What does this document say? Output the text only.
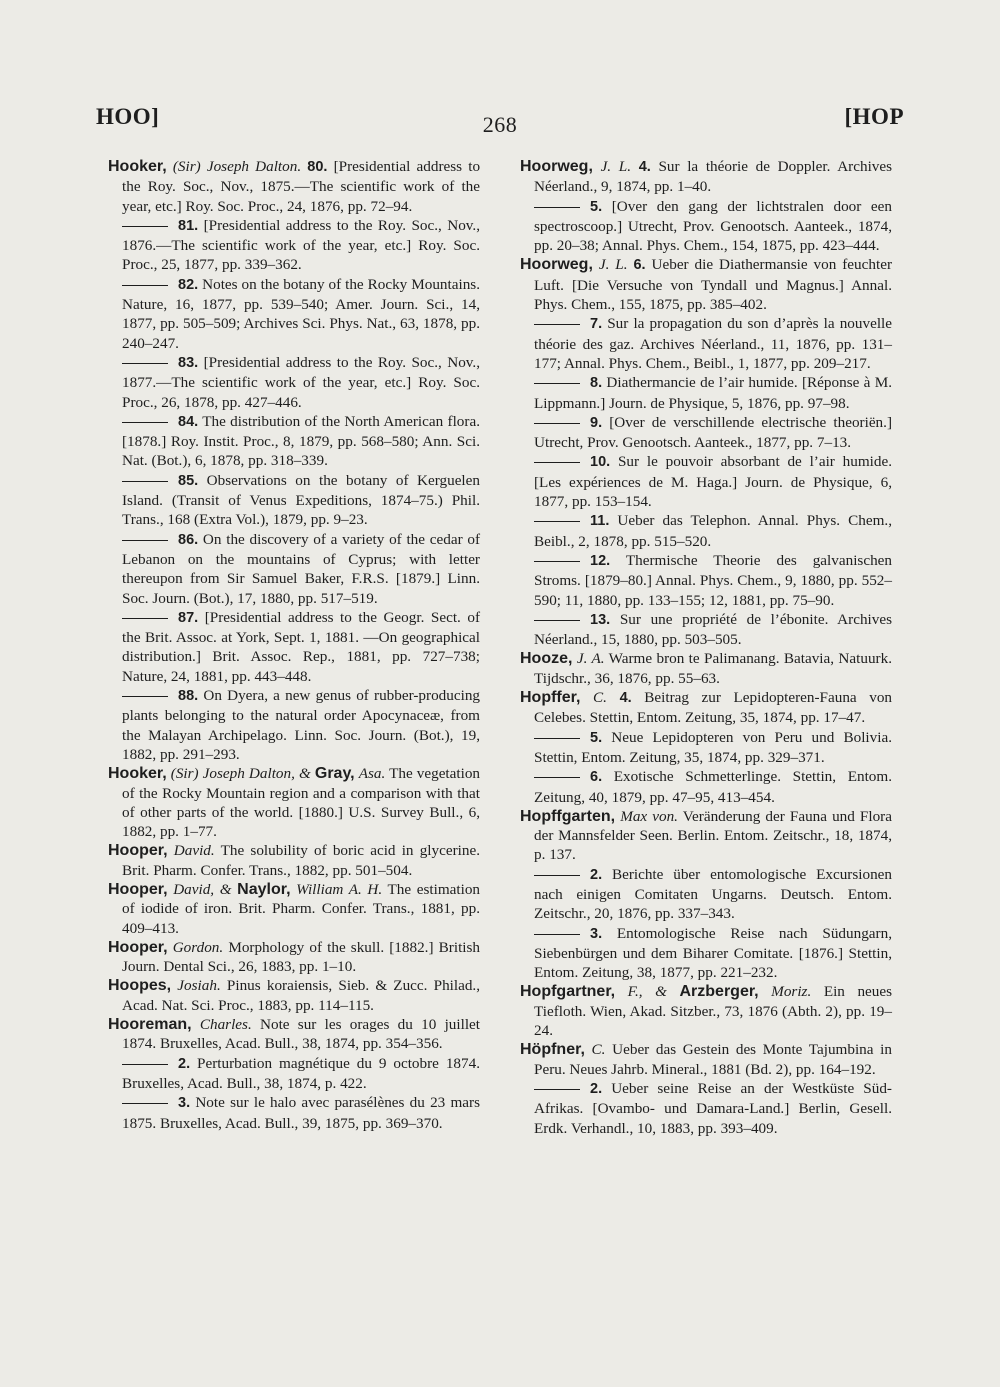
HOO]	268	[HOP

Hooker, (Sir) Joseph Dalton. 80. [Presidential address to the Roy. Soc., Nov., 1875.—The scientific work of the year, etc.] Roy. Soc. Proc., 24, 1876, pp. 72–94.

81. [Presidential address to the Roy. Soc., Nov., 1876.—The scientific work of the year, etc.] Roy. Soc. Proc., 25, 1877, pp. 339–362.

82. Notes on the botany of the Rocky Mountains. Nature, 16, 1877, pp. 539–540; Amer. Journ. Sci., 14, 1877, pp. 505–509; Archives Sci. Phys. Nat., 63, 1878, pp. 240–247.

83. [Presidential address to the Roy. Soc., Nov., 1877.—The scientific work of the year, etc.] Roy. Soc. Proc., 26, 1878, pp. 427–446.

84. The distribution of the North American flora. [1878.] Roy. Instit. Proc., 8, 1879, pp. 568–580; Ann. Sci. Nat. (Bot.), 6, 1878, pp. 318–339.

85. Observations on the botany of Kerguelen Island. (Transit of Venus Expeditions, 1874–75.) Phil. Trans., 168 (Extra Vol.), 1879, pp. 9–23.

86. On the discovery of a variety of the cedar of Lebanon on the mountains of Cyprus; with letter thereupon from Sir Samuel Baker, F.R.S. [1879.] Linn. Soc. Journ. (Bot.), 17, 1880, pp. 517–519.

87. [Presidential address to the Geogr. Sect. of the Brit. Assoc. at York, Sept. 1, 1881. —On geographical distribution.] Brit. Assoc. Rep., 1881, pp. 727–738; Nature, 24, 1881, pp. 443–448.

88. On Dyera, a new genus of rubber-producing plants belonging to the natural order Apocynaceæ, from the Malayan Archipelago. Linn. Soc. Journ. (Bot.), 19, 1882, pp. 291–293.

Hooker, (Sir) Joseph Dalton, & Gray, Asa. The vegetation of the Rocky Mountain region and a comparison with that of other parts of the world. [1880.] U.S. Survey Bull., 6, 1882, pp. 1–77.

Hooper, David. The solubility of boric acid in glycerine. Brit. Pharm. Confer. Trans., 1882, pp. 501–504.

Hooper, David, & Naylor, William A. H. The estimation of iodide of iron. Brit. Pharm. Confer. Trans., 1881, pp. 409–413.

Hooper, Gordon. Morphology of the skull. [1882.] British Journ. Dental Sci., 26, 1883, pp. 1–10.

Hoopes, Josiah. Pinus koraiensis, Sieb. & Zucc. Philad., Acad. Nat. Sci. Proc., 1883, pp. 114–115.

Hooreman, Charles. Note sur les orages du 10 juillet 1874. Bruxelles, Acad. Bull., 38, 1874, pp. 354–356.

2. Perturbation magnétique du 9 octobre 1874. Bruxelles, Acad. Bull., 38, 1874, p. 422.

3. Note sur le halo avec parasélènes du 23 mars 1875. Bruxelles, Acad. Bull., 39, 1875, pp. 369–370.

Hoorweg, J. L. 4. Sur la théorie de Doppler. Archives Néerland., 9, 1874, pp. 1–40.

5. [Over den gang der lichtstralen door een spectroscoop.] Utrecht, Prov. Genootsch. Aanteek., 1874, pp. 20–38; Annal. Phys. Chem., 154, 1875, pp. 423–444.

Hoorweg, J. L. 6. Ueber die Diathermansie von feuchter Luft. [Die Versuche von Tyndall und Magnus.] Annal. Phys. Chem., 155, 1875, pp. 385–402.

7. Sur la propagation du son d’après la nouvelle théorie des gaz. Archives Néerland., 11, 1876, pp. 131–177; Annal. Phys. Chem., Beibl., 1, 1877, pp. 209–217.

8. Diathermancie de l’air humide. [Réponse à M. Lippmann.] Journ. de Physique, 5, 1876, pp. 97–98.

9. [Over de verschillende electrische theoriën.] Utrecht, Prov. Genootsch. Aanteek., 1877, pp. 7–13.

10. Sur le pouvoir absorbant de l’air humide. [Les expériences de M. Haga.] Journ. de Physique, 6, 1877, pp. 153–154.

11. Ueber das Telephon. Annal. Phys. Chem., Beibl., 2, 1878, pp. 515–520.

12. Thermische Theorie des galvanischen Stroms. [1879–80.] Annal. Phys. Chem., 9, 1880, pp. 552–590; 11, 1880, pp. 133–155; 12, 1881, pp. 75–90.

13. Sur une propriété de l’ébonite. Archives Néerland., 15, 1880, pp. 503–505.

Hooze, J. A. Warme bron te Palimanang. Batavia, Natuurk. Tijdschr., 36, 1876, pp. 55–63.

Hopffer, C. 4. Beitrag zur Lepidopteren-Fauna von Celebes. Stettin, Entom. Zeitung, 35, 1874, pp. 17–47.

5. Neue Lepidopteren von Peru und Bolivia. Stettin, Entom. Zeitung, 35, 1874, pp. 329–371.

6. Exotische Schmetterlinge. Stettin, Entom. Zeitung, 40, 1879, pp. 47–95, 413–454.

Hopffgarten, Max von. Veränderung der Fauna und Flora der Mannsfelder Seen. Berlin. Entom. Zeitschr., 18, 1874, p. 137.

2. Berichte über entomologische Excursionen nach einigen Comitaten Ungarns. Deutsch. Entom. Zeitschr., 20, 1876, pp. 337–343.

3. Entomologische Reise nach Südungarn, Siebenbürgen und dem Biharer Comitate. [1876.] Stettin, Entom. Zeitung, 38, 1877, pp. 221–232.

Hopfgartner, F., & Arzberger, Moriz. Ein neues Tiefloth. Wien, Akad. Sitzber., 73, 1876 (Abth. 2), pp. 19–24.

Höpfner, C. Ueber das Gestein des Monte Tajumbina in Peru. Neues Jahrb. Mineral., 1881 (Bd. 2), pp. 164–192.

2. Ueber seine Reise an der Westküste Süd-Afrikas. [Ovambo- und Damara-Land.] Berlin, Gesell. Erdk. Verhandl., 10, 1883, pp. 393–409.
